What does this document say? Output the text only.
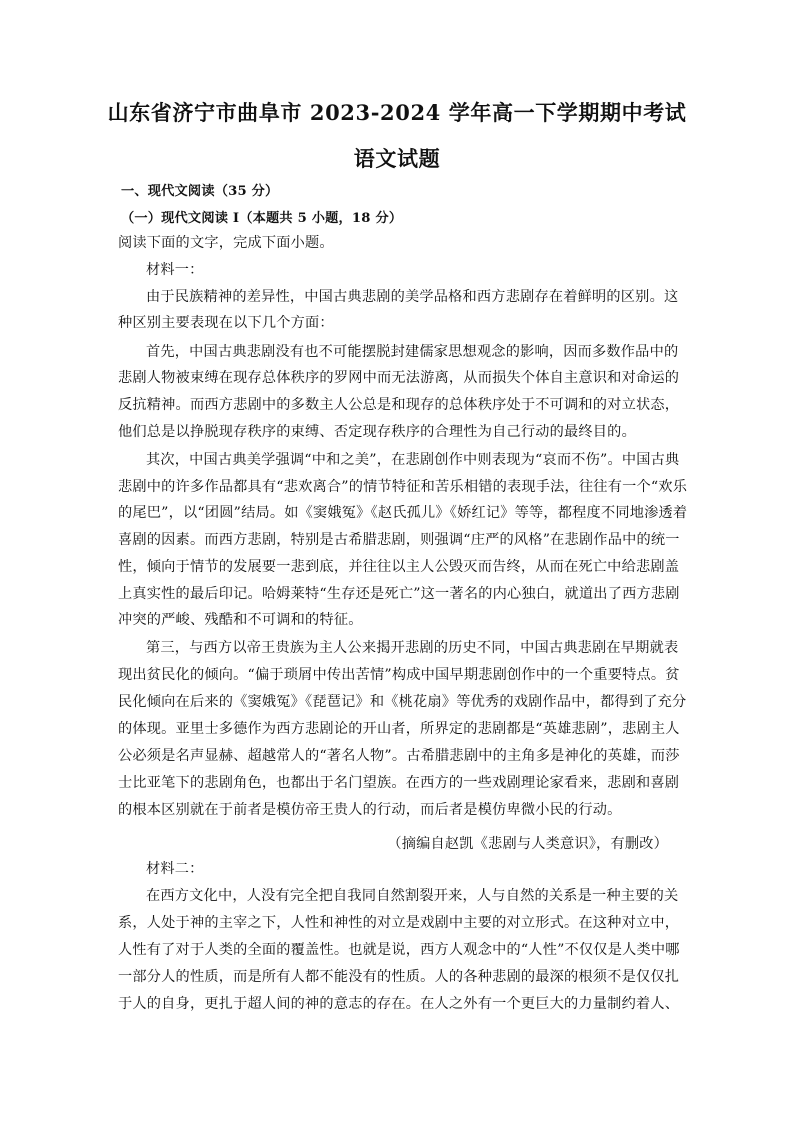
山东省济宁市曲阜市 2023-2024 学年高一下学期期中考试
语文试题
一、现代文阅读（35 分）
（一）现代文阅读 I（本题共 5 小题，18 分）
阅读下面的文字，完成下面小题。
材料一：
由于民族精神的差异性，中国古典悲剧的美学品格和西方悲剧存在着鲜明的区别。这
种区别主要表现在以下几个方面：
首先，中国古典悲剧没有也不可能摆脱封建儒家思想观念的影响，因而多数作品中的
悲剧人物被束缚在现存总体秩序的罗网中而无法游离，从而损失个体自主意识和对命运的
反抗精神。而西方悲剧中的多数主人公总是和现存的总体秩序处于不可调和的对立状态，
他们总是以挣脱现存秩序的束缚、否定现存秩序的合理性为自己行动的最终目的。
其次，中国古典美学强调“中和之美”，在悲剧创作中则表现为“哀而不伤”。中国古典
悲剧中的许多作品都具有“悲欢离合”的情节特征和苦乐相错的表现手法，往往有一个“欢乐
的尾巴”，以“团圆”结局。如《窦娥冤》《赵氏孤儿》《娇红记》等等，都程度不同地渗透着
喜剧的因素。而西方悲剧，特别是古希腊悲剧，则强调“庄严的风格”在悲剧作品中的统一
性，倾向于情节的发展要一悲到底，并往往以主人公毁灭而告终，从而在死亡中给悲剧盖
上真实性的最后印记。哈姆莱特“生存还是死亡”这一著名的内心独白，就道出了西方悲剧
冲突的严峻、残酷和不可调和的特征。
第三，与西方以帝王贵族为主人公来揭开悲剧的历史不同，中国古典悲剧在早期就表
现出贫民化的倾向。“偏于琐屑中传出苦情”构成中国早期悲剧创作中的一个重要特点。贫
民化倾向在后来的《窦娥冤》《琵琶记》和《桃花扇》等优秀的戏剧作品中，都得到了充分
的体现。亚里士多德作为西方悲剧论的开山者，所界定的悲剧都是“英雄悲剧”，悲剧主人
公必须是名声显赫、超越常人的“著名人物”。古希腊悲剧中的主角多是神化的英雄，而莎
士比亚笔下的悲剧角色，也都出于名门望族。在西方的一些戏剧理论家看来，悲剧和喜剧
的根本区别就在于前者是模仿帝王贵人的行动，而后者是模仿卑微小民的行动。
（摘编自赵凯《悲剧与人类意识》，有删改）
材料二：
在西方文化中，人没有完全把自我同自然割裂开来，人与自然的关系是一种主要的关
系，人处于神的主宰之下，人性和神性的对立是戏剧中主要的对立形式。在这种对立中，
人性有了对于人类的全面的覆盖性。也就是说，西方人观念中的“人性”不仅仅是人类中哪
一部分人的性质，而是所有人都不能没有的性质。人的各种悲剧的最深的根须不是仅仅扎
于人的自身，更扎于超人间的神的意志的存在。在人之外有一个更巨大的力量制约着人、
